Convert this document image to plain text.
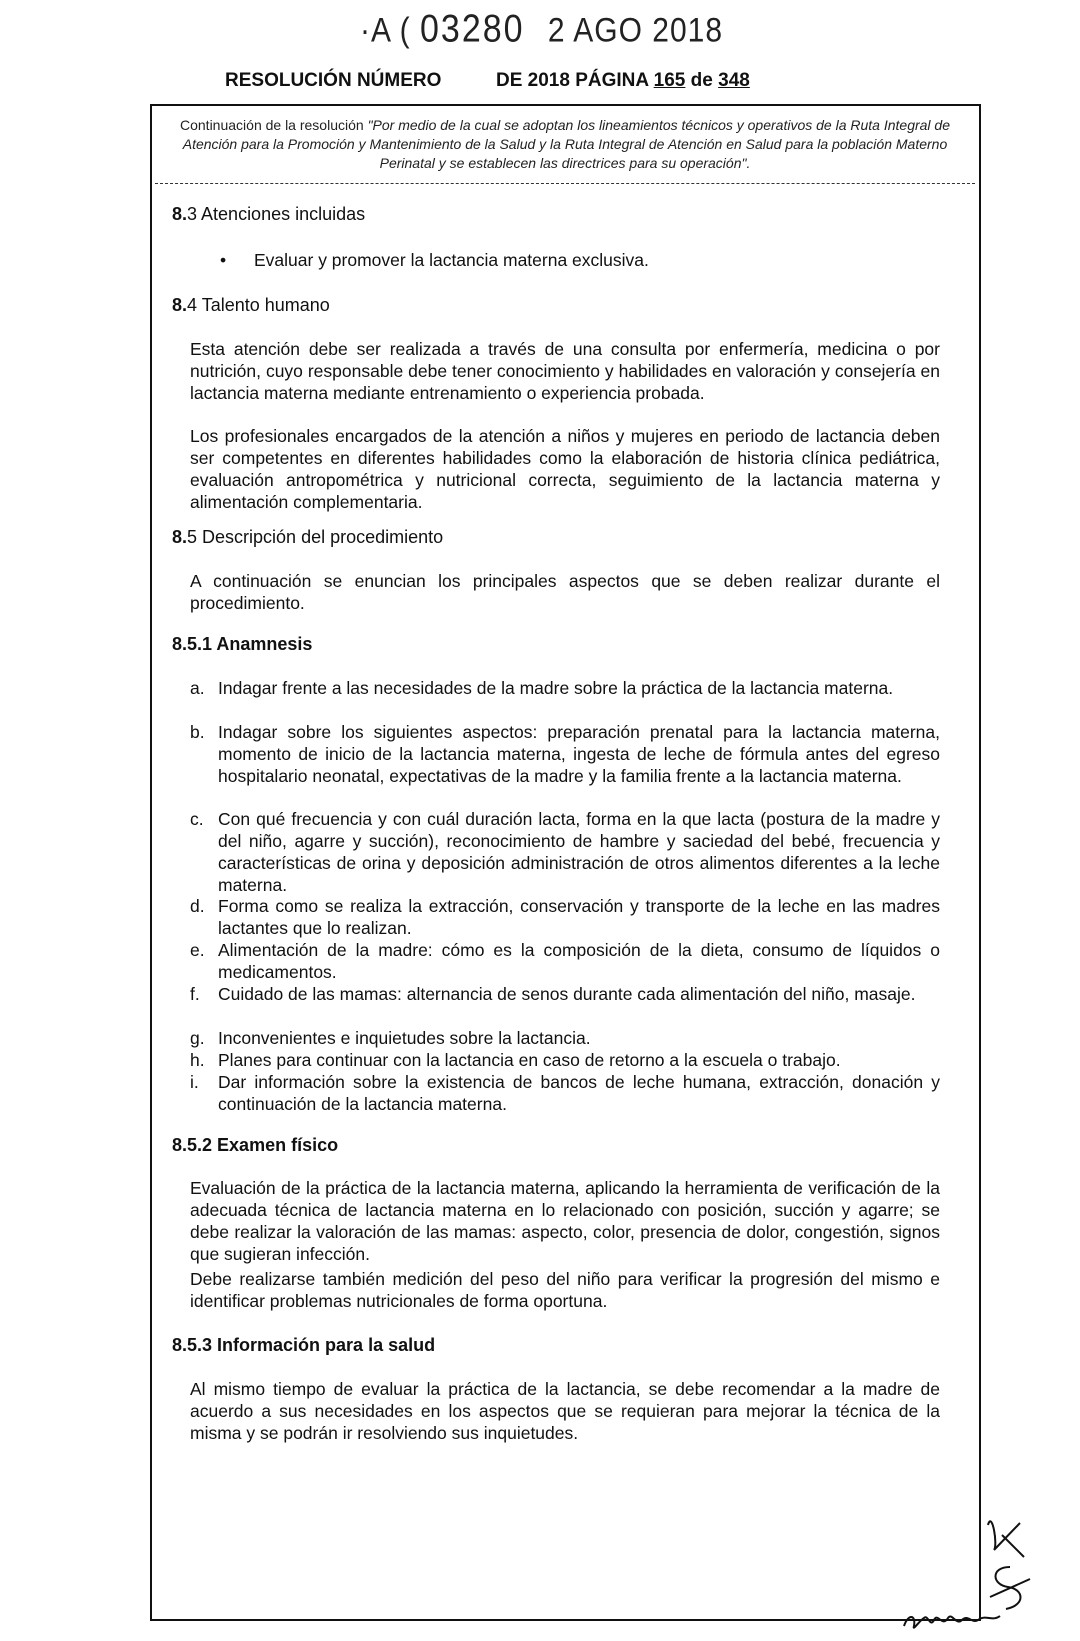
·A ( 03280 2 AGO 2018
RESOLUCIÓN NÚMERO	DE 2018 PÁGINA 165 de 348
Continuación de la resolución "Por medio de la cual se adoptan los lineamientos técnicos y operativos de la Ruta Integral de Atención para la Promoción y Mantenimiento de la Salud y la Ruta Integral de Atención en Salud para la población Materno Perinatal y se establecen las directrices para su operación".
8.3 Atenciones incluidas
• Evaluar y promover la lactancia materna exclusiva.
8.4 Talento humano
Esta atención debe ser realizada a través de una consulta por enfermería, medicina o por nutrición, cuyo responsable debe tener conocimiento y habilidades en valoración y consejería en lactancia materna mediante entrenamiento o experiencia probada.
Los profesionales encargados de la atención a niños y mujeres en periodo de lactancia deben ser competentes en diferentes habilidades como la elaboración de historia clínica pediátrica, evaluación antropométrica y nutricional correcta, seguimiento de la lactancia materna y alimentación complementaria.
8.5 Descripción del procedimiento
A continuación se enuncian los principales aspectos que se deben realizar durante el procedimiento.
8.5.1 Anamnesis
a. Indagar frente a las necesidades de la madre sobre la práctica de la lactancia materna.
b. Indagar sobre los siguientes aspectos: preparación prenatal para la lactancia materna, momento de inicio de la lactancia materna, ingesta de leche de fórmula antes del egreso hospitalario neonatal, expectativas de la madre y la familia frente a la lactancia materna.
c. Con qué frecuencia y con cuál duración lacta, forma en la que lacta (postura de la madre y del niño, agarre y succión), reconocimiento de hambre y saciedad del bebé, frecuencia y características de orina y deposición administración de otros alimentos diferentes a la leche materna.
d. Forma como se realiza la extracción, conservación y transporte de la leche en las madres lactantes que lo realizan.
e. Alimentación de la madre: cómo es la composición de la dieta, consumo de líquidos o medicamentos.
f. Cuidado de las mamas: alternancia de senos durante cada alimentación del niño, masaje.
g. Inconvenientes e inquietudes sobre la lactancia.
h. Planes para continuar con la lactancia en caso de retorno a la escuela o trabajo.
i. Dar información sobre la existencia de bancos de leche humana, extracción, donación y continuación de la lactancia materna.
8.5.2 Examen físico
Evaluación de la práctica de la lactancia materna, aplicando la herramienta de verificación de la adecuada técnica de lactancia materna en lo relacionado con posición, succión y agarre; se debe realizar la valoración de las mamas: aspecto, color, presencia de dolor, congestión, signos que sugieran infección.
Debe realizarse también medición del peso del niño para verificar la progresión del mismo e identificar problemas nutricionales de forma oportuna.
8.5.3 Información para la salud
Al mismo tiempo de evaluar la práctica de la lactancia, se debe recomendar a la madre de acuerdo a sus necesidades en los aspectos que se requieran para mejorar la técnica de la misma y se podrán ir resolviendo sus inquietudes.
